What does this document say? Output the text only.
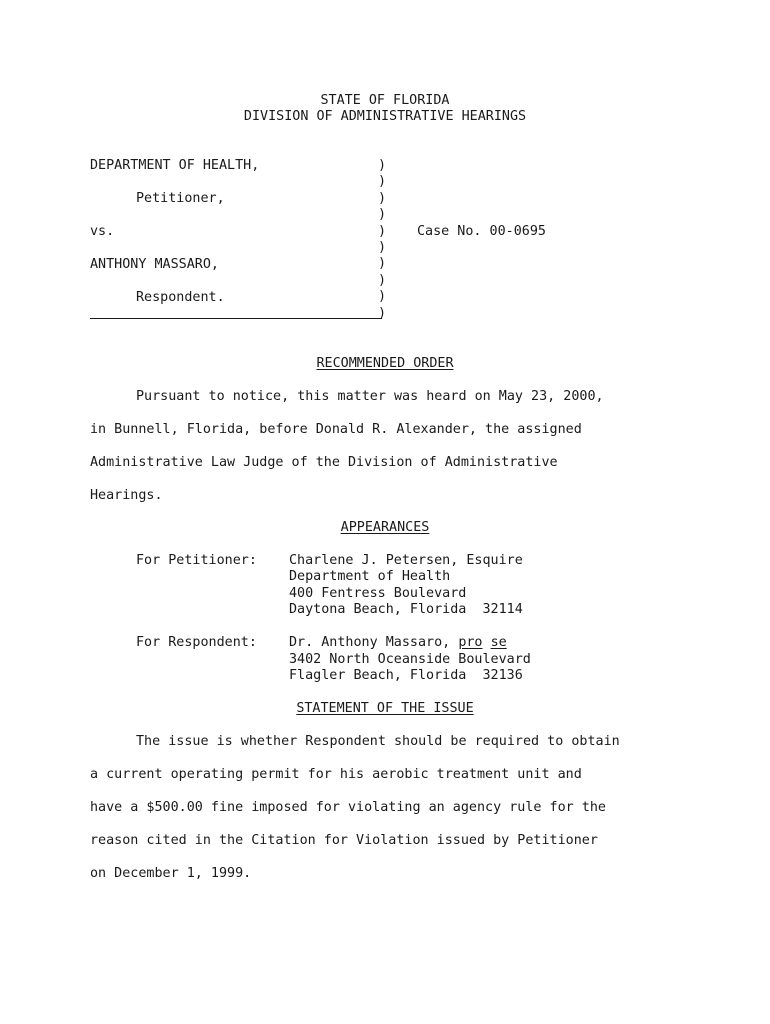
STATE OF FLORIDA
DIVISION OF ADMINISTRATIVE HEARINGS
DEPARTMENT OF HEALTH,
Petitioner,
vs.
ANTHONY MASSARO,
Respondent.
Case No. 00-0695
)
)
)
)
)
)
)
)
)
)
RECOMMENDED ORDER
Pursuant to notice, this matter was heard on May 23, 2000,
in Bunnell, Florida, before Donald R. Alexander, the assigned
Administrative Law Judge of the Division of Administrative
Hearings.
APPEARANCES
For Petitioner: Charlene J. Petersen, Esquire
Department of Health
400 Fentress Boulevard
Daytona Beach, Florida  32114
For Respondent: Dr. Anthony Massaro, pro se
3402 North Oceanside Boulevard
Flagler Beach, Florida  32136
STATEMENT OF THE ISSUE
The issue is whether Respondent should be required to obtain
a current operating permit for his aerobic treatment unit and
have a $500.00 fine imposed for violating an agency rule for the
reason cited in the Citation for Violation issued by Petitioner
on December 1, 1999.
